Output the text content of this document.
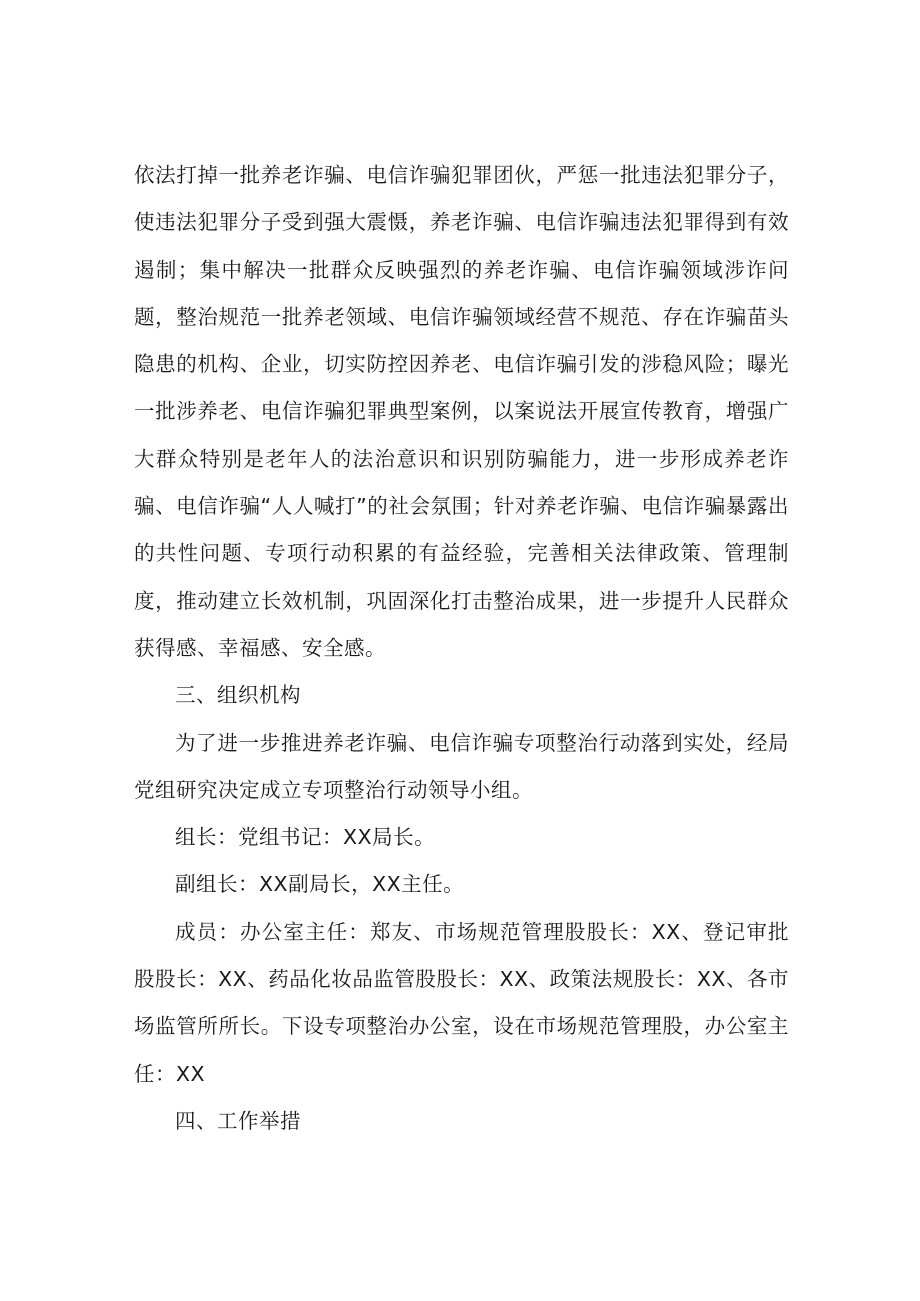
依法打掉一批养老诈骗、电信诈骗犯罪团伙，严惩一批违法犯罪分子，使违法犯罪分子受到强大震慑，养老诈骗、电信诈骗违法犯罪得到有效遏制；集中解决一批群众反映强烈的养老诈骗、电信诈骗领域涉诈问题，整治规范一批养老领域、电信诈骗领域经营不规范、存在诈骗苗头隐患的机构、企业，切实防控因养老、电信诈骗引发的涉稳风险；曝光一批涉养老、电信诈骗犯罪典型案例，以案说法开展宣传教育，增强广大群众特别是老年人的法治意识和识别防骗能力，进一步形成养老诈骗、电信诈骗“人人喊打”的社会氛围；针对养老诈骗、电信诈骗暴露出的共性问题、专项行动积累的有益经验，完善相关法律政策、管理制度，推动建立长效机制，巩固深化打击整治成果，进一步提升人民群众获得感、幸福感、安全感。

三、组织机构

为了进一步推进养老诈骗、电信诈骗专项整治行动落到实处，经局党组研究决定成立专项整治行动领导小组。

组长：党组书记：XX局长。

副组长：XX副局长，XX主任。

成员：办公室主任：郑友、市场规范管理股股长：XX、登记审批股股长：XX、药品化妆品监管股股长：XX、政策法规股长：XX、各市场监管所所长。下设专项整治办公室，设在市场规范管理股，办公室主任：XX

四、工作举措
